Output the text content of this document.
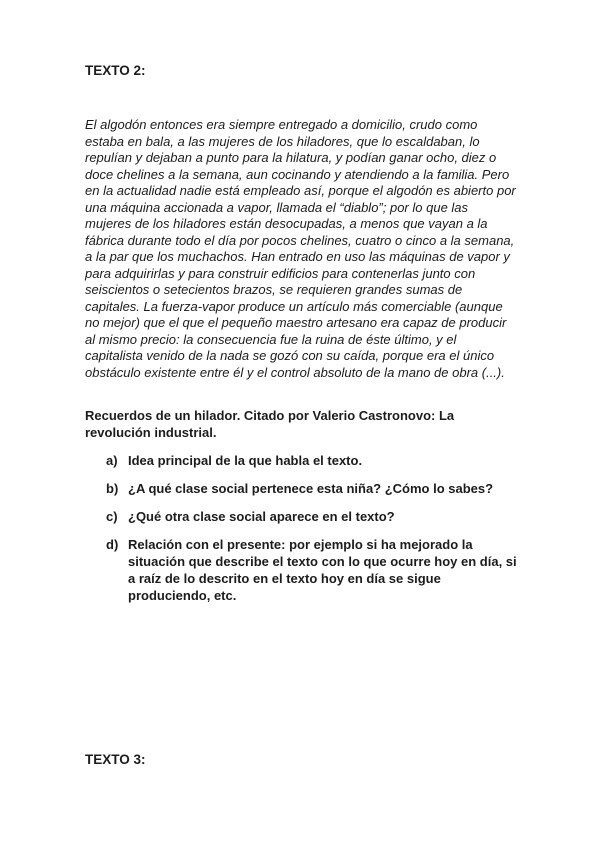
TEXTO 2:

El algodón entonces era siempre entregado a domicilio, crudo como estaba en bala, a las mujeres de los hiladores, que lo escaldaban, lo repulían y dejaban a punto para la hilatura, y podían ganar ocho, diez o doce chelines a la semana, aun cocinando y atendiendo a la familia. Pero en la actualidad nadie está empleado así, porque el algodón es abierto por una máquina accionada a vapor, llamada el “diablo”; por lo que las mujeres de los hiladores están desocupadas, a menos que vayan a la fábrica durante todo el día por pocos chelines, cuatro o cinco a la semana, a la par que los muchachos. Han entrado en uso las máquinas de vapor y para adquirirlas y para construir edificios para contenerlas junto con seiscientos o setecientos brazos, se requieren grandes sumas de capitales. La fuerza-vapor produce un artículo más comerciable (aunque no mejor) que el que el pequeño maestro artesano era capaz de producir al mismo precio: la consecuencia fue la ruina de éste último, y el capitalista venido de la nada se gozó con su caída, porque era el único obstáculo existente entre él y el control absoluto de la mano de obra (...).

Recuerdos de un hilador. Citado por Valerio Castronovo: La revolución industrial.

a) Idea principal de la que habla el texto.
b) ¿A qué clase social pertenece esta niña? ¿Cómo lo sabes?
c) ¿Qué otra clase social aparece en el texto?
d) Relación con el presente: por ejemplo si ha mejorado la situación que describe el texto con lo que ocurre hoy en día, si a raíz de lo descrito en el texto hoy en día se sigue produciendo, etc.
TEXTO 3:
